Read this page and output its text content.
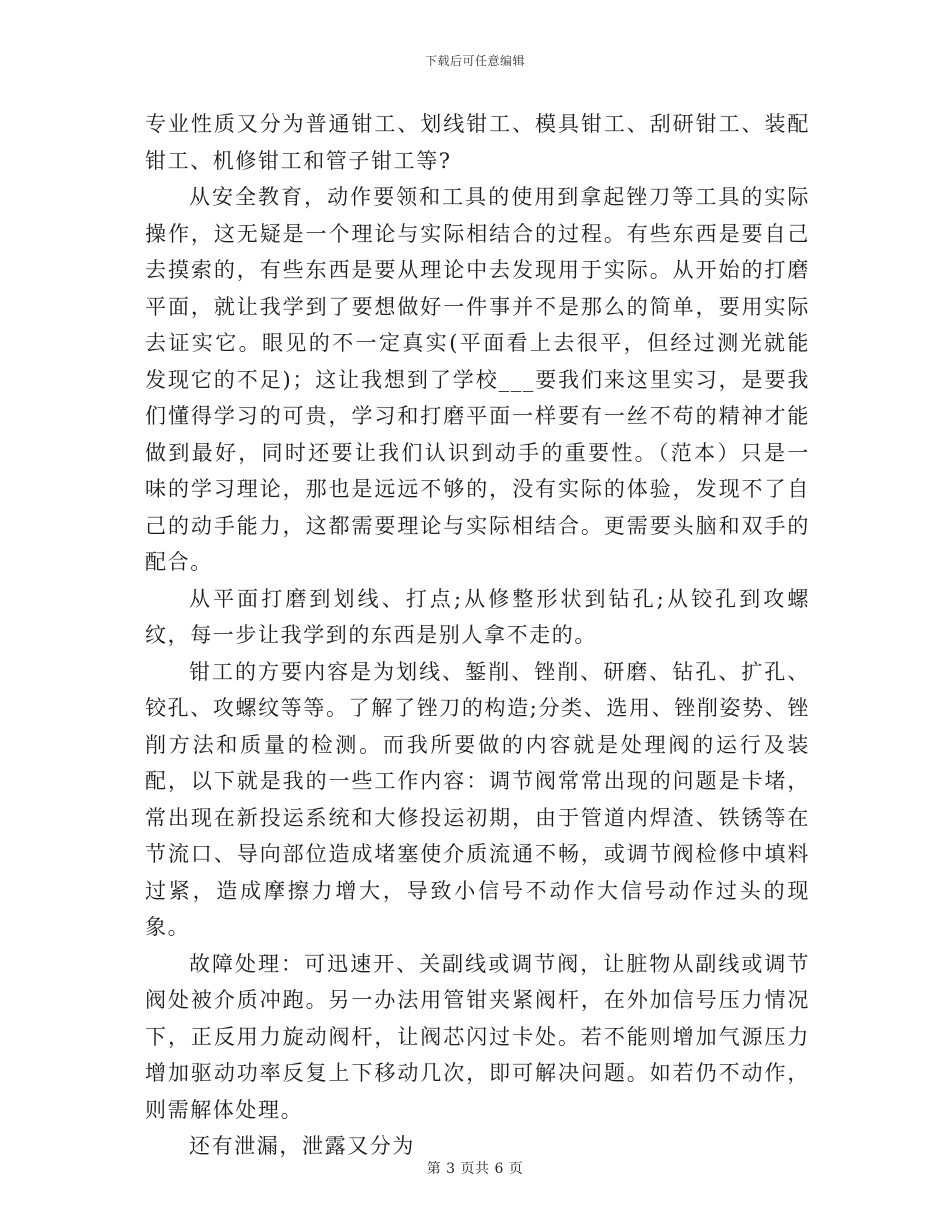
下载后可任意编辑

专业性质又分为普通钳工、划线钳工、模具钳工、刮研钳工、装配钳工、机修钳工和管子钳工等?

从安全教育，动作要领和工具的使用到拿起锉刀等工具的实际操作，这无疑是一个理论与实际相结合的过程。有些东西是要自己去摸索的，有些东西是要从理论中去发现用于实际。从开始的打磨平面，就让我学到了要想做好一件事并不是那么的简单，要用实际去证实它。眼见的不一定真实(平面看上去很平，但经过测光就能发现它的不足)；这让我想到了学校___要我们来这里实习，是要我们懂得学习的可贵，学习和打磨平面一样要有一丝不苟的精神才能做到最好，同时还要让我们认识到动手的重要性。（范本）只是一味的学习理论，那也是远远不够的，没有实际的体验，发现不了自己的动手能力，这都需要理论与实际相结合。更需要头脑和双手的配合。

从平面打磨到划线、打点;从修整形状到钻孔;从铰孔到攻螺纹，每一步让我学到的东西是别人拿不走的。

钳工的方要内容是为划线、錾削、锉削、研磨、钻孔、扩孔、铰孔、攻螺纹等等。了解了锉刀的构造;分类、选用、锉削姿势、锉削方法和质量的检测。而我所要做的内容就是处理阀的运行及装配，以下就是我的一些工作内容：调节阀常常出现的问题是卡堵，常出现在新投运系统和大修投运初期，由于管道内焊渣、铁锈等在节流口、导向部位造成堵塞使介质流通不畅，或调节阀检修中填料过紧，造成摩擦力增大，导致小信号不动作大信号动作过头的现象。

故障处理：可迅速开、关副线或调节阀，让脏物从副线或调节阀处被介质冲跑。另一办法用管钳夹紧阀杆，在外加信号压力情况下，正反用力旋动阀杆，让阀芯闪过卡处。若不能则增加气源压力增加驱动功率反复上下移动几次，即可解决问题。如若仍不动作，则需解体处理。

还有泄漏，泄露又分为

第 3 页共 6 页
